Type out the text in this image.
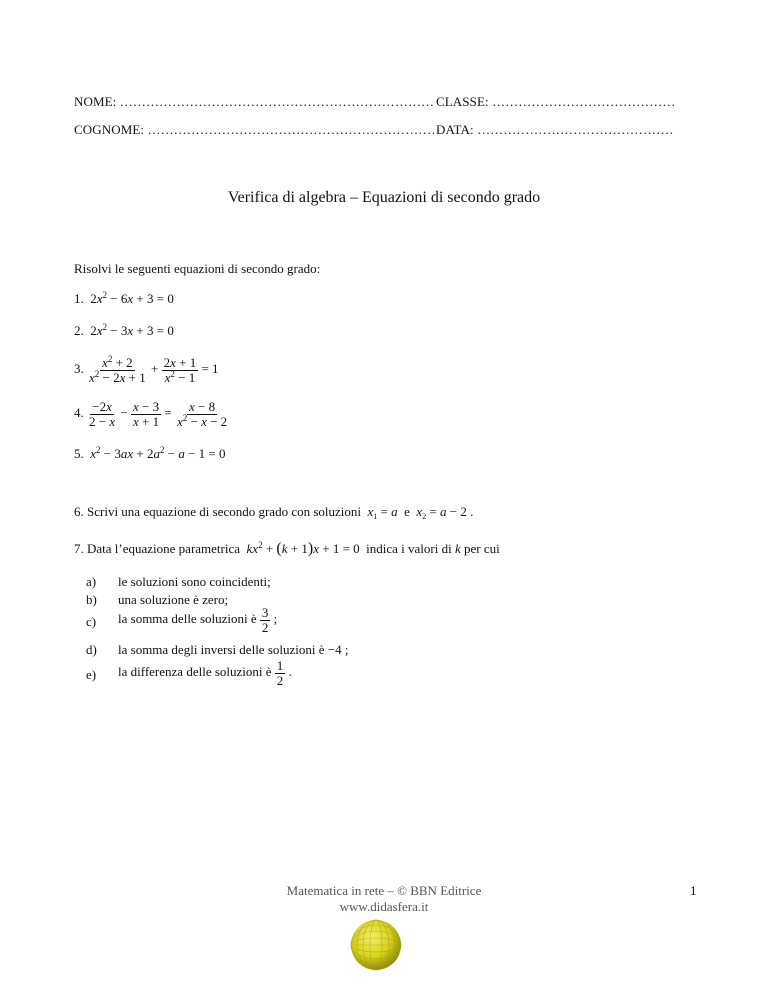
NOME: ……………………………………………………………… CLASSE: ……………………………………
COGNOME: ………………………………………………………… DATA: ………………………………………
Verifica di algebra – Equazioni di secondo grado
Risolvi le seguenti equazioni di secondo grado:
1.  $2x^2 - 6x + 3 = 0$
2.  $2x^2 - 3x + 3 = 0$
3. $\frac{x^2 + 2}{x^2 - 2x + 1} + \frac{2x + 1}{x^2 - 1} = 1$
4. $\frac{-2x}{2 - x} - \frac{x - 3}{x + 1} = \frac{x - 8}{x^2 - x - 2}$
5. $x^2 - 3ax + 2a^2 - a - 1 = 0$
6. Scrivi una equazione di secondo grado con soluzioni $x_1 = a$ e $x_2 = a - 2$ .
7. Data l’equazione parametrica $kx^2 + (k + 1)x + 1 = 0$  indica i valori di k per cui
a) le soluzioni sono coincidenti;
b) una soluzione è zero;
c) la somma delle soluzioni è $\frac{3}{2}$ ;
d) la somma degli inversi delle soluzioni è −4 ;
e) la differenza delle soluzioni è $\frac{1}{2}$ .
Matematica in rete – © BBN Editrice
www.didasfera.it
1
